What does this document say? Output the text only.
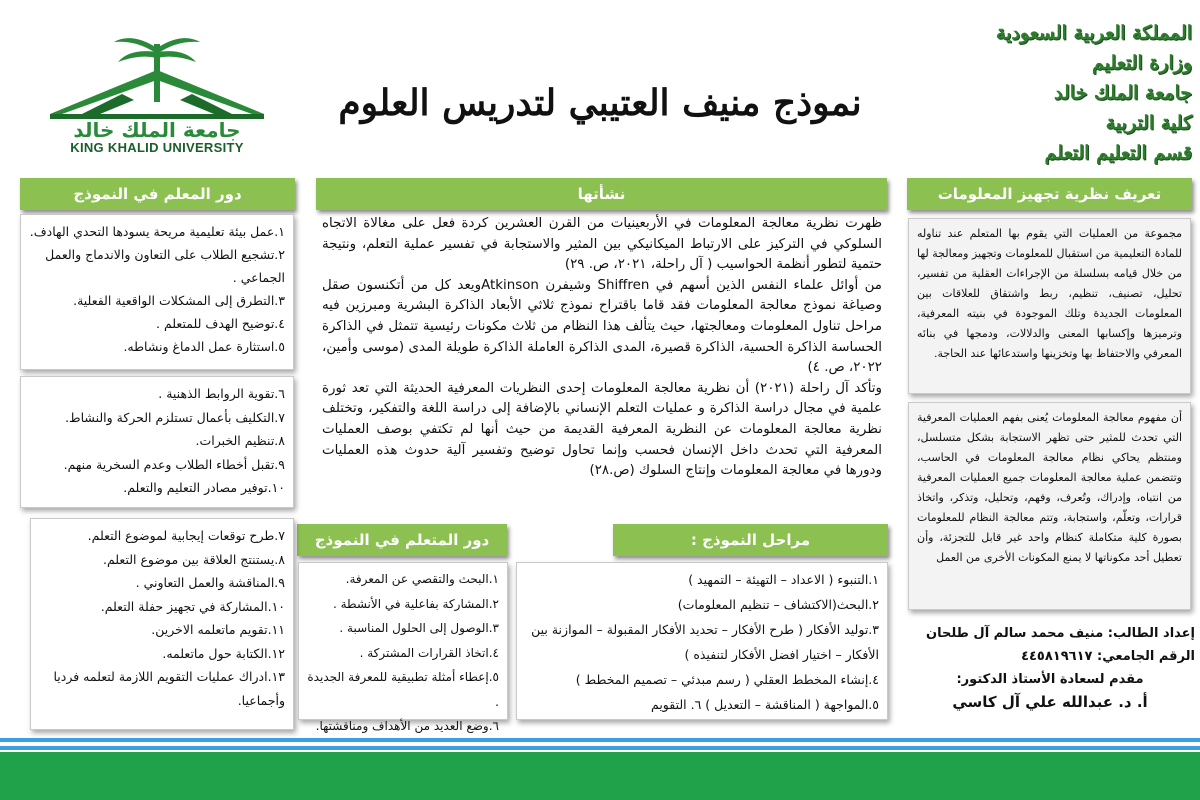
المملكة العربية السعودية
وزارة التعليم
جامعة الملك خالد
كلية التربية
قسم التعليم التعلم
نموذج منيف العتيبي لتدريس العلوم
جامعة الملك خالد
KING KHALID UNIVERSITY
تعريف نظرية تجهيز المعلومات
نشأتها
دور المعلم في النموذج
مراحل النموذج :
دور المتعلم في النموذج
مجموعة من العمليات التي يقوم بها المتعلم عند تناوله للمادة التعليمية من استقبال للمعلومات وتجهيز ومعالجة لها من خلال قيامه بسلسلة من الإجراءات العقلية من تفسير، تحليل، تصنيف، تنظيم، ربط واشتقاق للعلاقات بين المعلومات الجديدة وتلك الموجودة في بنيته المعرفية، وترميزها وإكسابها المعنى والدلالات، ودمجها في بنائه المعرفي والاحتفاظ بها وتخزينها واستدعائها عند الحاجة.
أن مفهوم معالجة المعلومات يُعنى بفهم العمليات المعرفية التي تحدث للمثير حتى تظهر الاستجابة بشكل متسلسل، ومنتظم يحاكي نظام معالجة المعلومات في الحاسب، وتتضمن عملية معالجة المعلومات جميع العمليات المعرفية من انتباه، وإدراك، وتُعرف، وفهم، وتحليل، وتذكر، واتخاذ قرارات، وتعلّم، واستجابة، وتتم معالجة النظام للمعلومات بصورة كلية متكاملة كنظام واحد غير قابل للتجزئة، وأن تعطيل أحد مكوناتها لا يمنع المكونات الأخرى من العمل

ظهرت نظرية معالجة المعلومات في الأربعينيات من القرن العشرين كردة فعل على مغالاة الاتجاه السلوكي في التركيز على الارتباط الميكانيكي بين المثير والاستجابة في تفسير عملية التعلم، ونتيجة حتمية لتطور أنظمة الحواسيب ( آل راحلة، ٢٠٢١، ص. ٢٩)

من أوائل علماء النفس الذين أسهم في Shiffren وشيفرن Atkinsonويعد كل من أتكنسون صقل وصياغة نموذج معالجة المعلومات فقد قاما باقتراح نموذج ثلاثي الأبعاد الذاكرة البشرية ومبرزين فيه مراحل تناول المعلومات ومعالجتها، حيث يتألف هذا النظام من ثلاث مكونات رئيسية تتمثل في الذاكرة الحساسة الذاكرة الحسية، الذاكرة قصيرة، المدى الذاكرة العاملة الذاكرة طويلة المدى (موسى وأمين، ٢٠٢٢، ص. ٤)

وتأكد آل راحلة (٢٠٢١) أن نظرية معالجة المعلومات إحدى النظريات المعرفية الحديثة التي تعد ثورة علمية في مجال دراسة الذاكرة و عمليات التعلم الإنساني بالإضافة إلى دراسة اللغة والتفكير، وتختلف نظرية معالجة المعلومات عن النظرية المعرفية القديمة من حيث أنها لم تكتفي بوصف العمليات المعرفية التي تحدث داخل الإنسان فحسب وإنما تحاول توضيح وتفسير آلية حدوث هذه العمليات ودورها في معالجة المعلومات وإنتاج السلوك (ص.٢٨)

١.عمل بيئة تعليمية مريحة يسودها التحدي الهادف.
٢.تشجيع الطلاب على التعاون والاندماج والعمل الجماعي .
٣.التطرق إلى المشكلات الواقعية الفعلية.
٤.توضيح الهدف للمتعلم .
٥.استثارة عمل الدماغ ونشاطه.
٦.تقوية الروابط الذهنية .
٧.التكليف بأعمال تستلزم الحركة والنشاط.
٨.تنظيم الخبرات.
٩.تقبل أخطاء الطلاب وعدم السخرية منهم.
١٠.توفير مصادر التعليم والتعلم.
٧.طرح توقعات إيجابية لموضوع التعلم.
٨.يستنتج العلاقة بين موضوع التعلم.
٩.المناقشة والعمل التعاوني .
١٠.المشاركة في تجهيز حفلة التعلم.
١١.تقويم ماتعلمه الاخرين.
١٢.الكتابة حول ماتعلمه.
١٣.ادراك عمليات التقويم اللازمة لتعلمه فرديا وأجماعيا.
١.البحث والتقصي عن المعرفة.
٢.المشاركة بفاعلية في الأنشطة .
٣.الوصول إلى الحلول المناسبة .
٤.اتخاذ القرارات المشتركة .
٥.إعطاء أمثلة تطبيقية للمعرفة الجديدة .
٦.وضع العديد من الأهداف ومناقشتها.
١.التنبوء ( الاعداد – التهيئة – التمهيد )
٢.البحث(الاكتشاف – تنظيم المعلومات)
٣.توليد الأفكار ( طرح الأفكار – تحديد الأفكار المقبولة – الموازنة بين الأفكار – اختيار افضل الأفكار لتنفيذه )
٤.إنشاء المخطط العقلي ( رسم مبدئي – تصميم المخطط )
٥.المواجهة ( المناقشة – التعديل ) ٦. التقويم
إعداد الطالب: منيف محمد سالم آل طلحان
الرقم الجامعي: ٤٤٥٨١٩٦١٧
مقدم لسعادة الأستاذ الدكتور:
أ. د. عبدالله علي آل كاسي
